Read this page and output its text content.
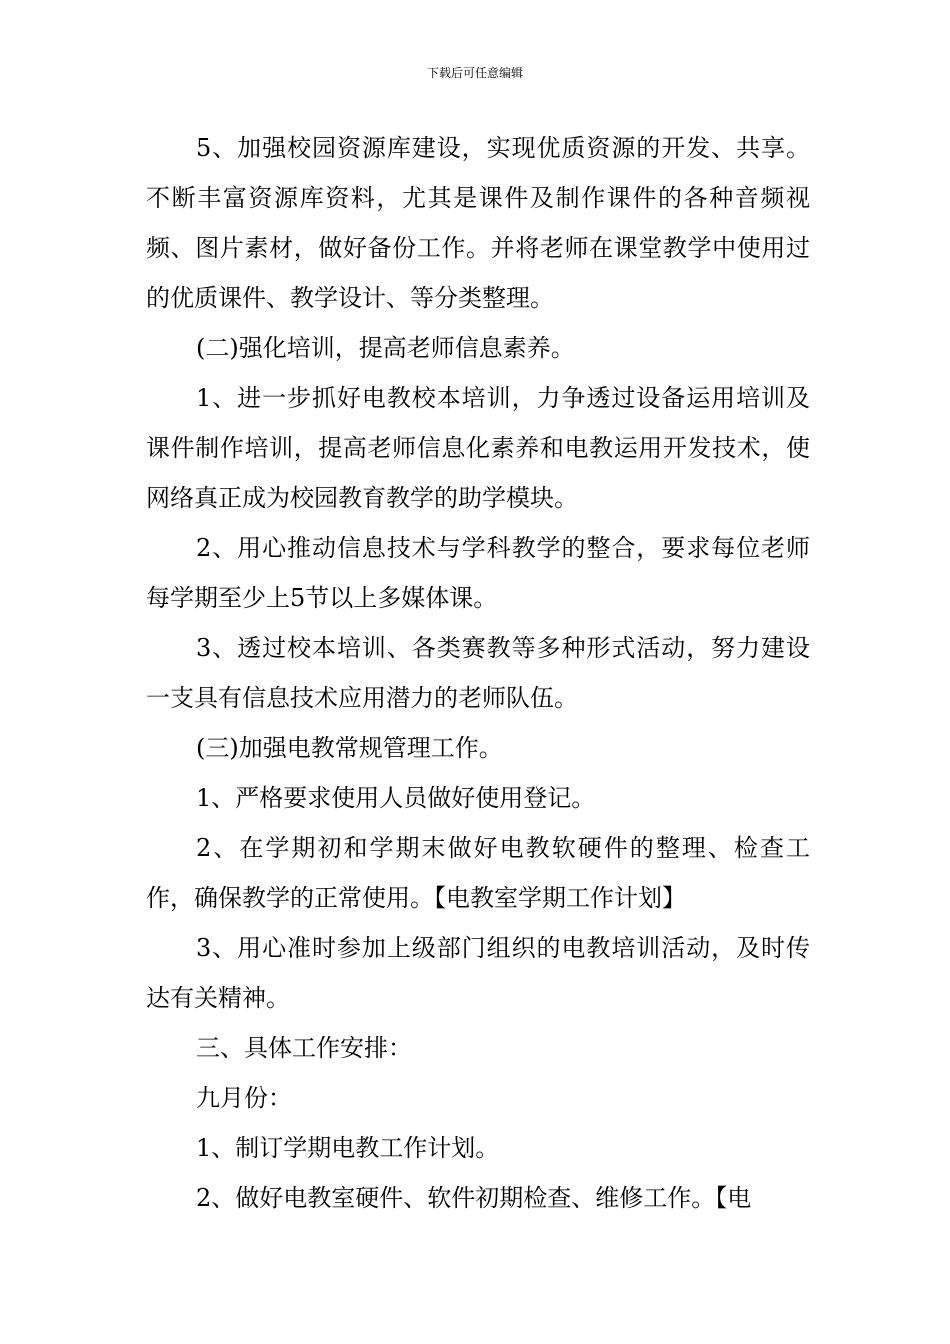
下载后可任意编辑

5、加强校园资源库建设，实现优质资源的开发、共享。不断丰富资源库资料，尤其是课件及制作课件的各种音频视频、图片素材，做好备份工作。并将老师在课堂教学中使用过的优质课件、教学设计、等分类整理。

(二)强化培训，提高老师信息素养。

1、进一步抓好电教校本培训，力争透过设备运用培训及课件制作培训，提高老师信息化素养和电教运用开发技术，使网络真正成为校园教育教学的助学模块。

2、用心推动信息技术与学科教学的整合，要求每位老师每学期至少上5节以上多媒体课。

3、透过校本培训、各类赛教等多种形式活动，努力建设一支具有信息技术应用潜力的老师队伍。

(三)加强电教常规管理工作。

1、严格要求使用人员做好使用登记。

2、在学期初和学期末做好电教软硬件的整理、检查工作，确保教学的正常使用。【电教室学期工作计划】

3、用心准时参加上级部门组织的电教培训活动，及时传达有关精神。

三、具体工作安排：

九月份：

1、制订学期电教工作计划。

2、做好电教室硬件、软件初期检查、维修工作。【电
